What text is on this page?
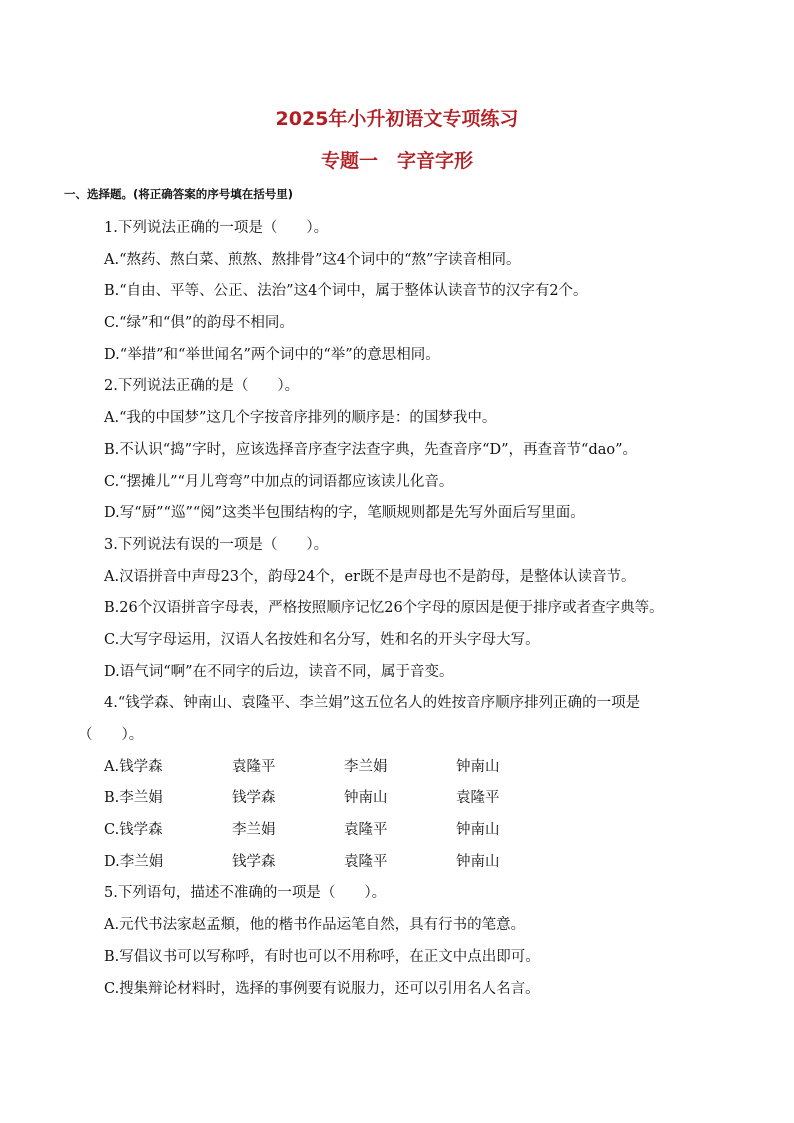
2025年小升初语文专项练习
专题一　字音字形
一、选择题。(将正确答案的序号填在括号里)
1.下列说法正确的一项是（　　）。
A.“熬药、熬白菜、煎熬、熬排骨”这4个词中的“熬”字读音相同。
B.“自由、平等、公正、法治”这4个词中，属于整体认读音节的汉字有2个。
C.“绿”和“俱”的韵母不相同。
D.“举措”和“举世闻名”两个词中的“举”的意思相同。
2.下列说法正确的是（　　）。
A.“我的中国梦”这几个字按音序排列的顺序是：的国梦我中。
B.不认识“捣”字时，应该选择音序查字法查字典，先查音序“D”，再查音节“dao”。
C.“摆摊儿”“月儿弯弯”中加点的词语都应该读儿化音。
D.写“厨”“巡”“阅”这类半包围结构的字，笔顺规则都是先写外面后写里面。
3.下列说法有误的一项是（　　）。
A.汉语拼音中声母23个，韵母24个，er既不是声母也不是韵母，是整体认读音节。
B.26个汉语拼音字母表，严格按照顺序记忆26个字母的原因是便于排序或者查字典等。
C.大写字母运用，汉语人名按姓和名分写，姓和名的开头字母大写。
D.语气词“啊”在不同字的后边，读音不同，属于音变。
4.“钱学森、钟南山、袁隆平、李兰娟”这五位名人的姓按音序顺序排列正确的一项是
（　　）。
A.钱学森	袁隆平	李兰娟	钟南山
B.李兰娟	钱学森	钟南山	袁隆平
C.钱学森	李兰娟	袁隆平	钟南山
D.李兰娟	钱学森	袁隆平	钟南山
5.下列语句，描述不准确的一项是（　　）。
A.元代书法家赵孟頫，他的楷书作品运笔自然，具有行书的笔意。
B.写倡议书可以写称呼，有时也可以不用称呼，在正文中点出即可。
C.搜集辩论材料时，选择的事例要有说服力，还可以引用名人名言。
